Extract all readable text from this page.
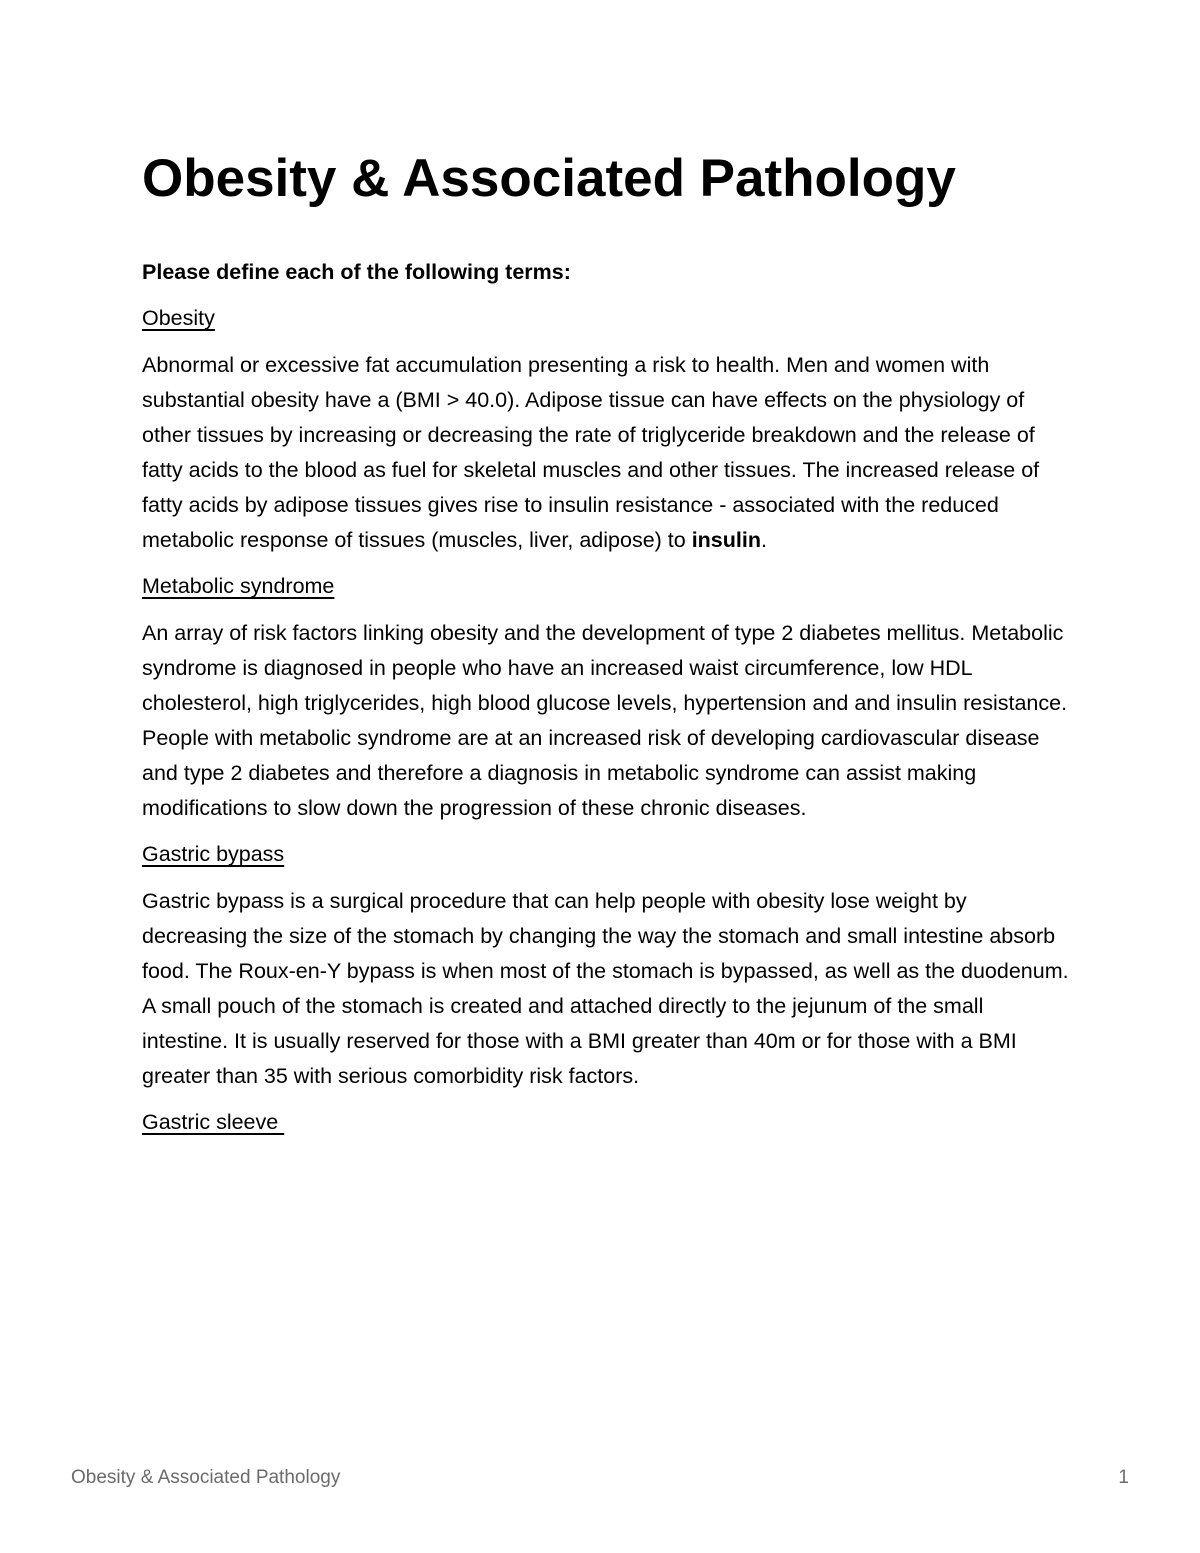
Obesity & Associated Pathology

Please define each of the following terms:

Obesity

Abnormal or excessive fat accumulation presenting a risk to health. Men and women with substantial obesity have a (BMI > 40.0). Adipose tissue can have effects on the physiology of other tissues by increasing or decreasing the rate of triglyceride breakdown and the release of fatty acids to the blood as fuel for skeletal muscles and other tissues. The increased release of fatty acids by adipose tissues gives rise to insulin resistance - associated with the reduced metabolic response of tissues (muscles, liver, adipose) to insulin.

Metabolic syndrome

An array of risk factors linking obesity and the development of type 2 diabetes mellitus. Metabolic syndrome is diagnosed in people who have an increased waist circumference, low HDL cholesterol, high triglycerides, high blood glucose levels, hypertension and and insulin resistance. People with metabolic syndrome are at an increased risk of developing cardiovascular disease and type 2 diabetes and therefore a diagnosis in metabolic syndrome can assist making modifications to slow down the progression of these chronic diseases.

Gastric bypass

Gastric bypass is a surgical procedure that can help people with obesity lose weight by decreasing the size of the stomach by changing the way the stomach and small intestine absorb food. The Roux-en-Y bypass is when most of the stomach is bypassed, as well as the duodenum. A small pouch of the stomach is created and attached directly to the jejunum of the small intestine. It is usually reserved for those with a BMI greater than 40m or for those with a BMI greater than 35 with serious comorbidity risk factors.

Gastric sleeve

Obesity & Associated Pathology	1
